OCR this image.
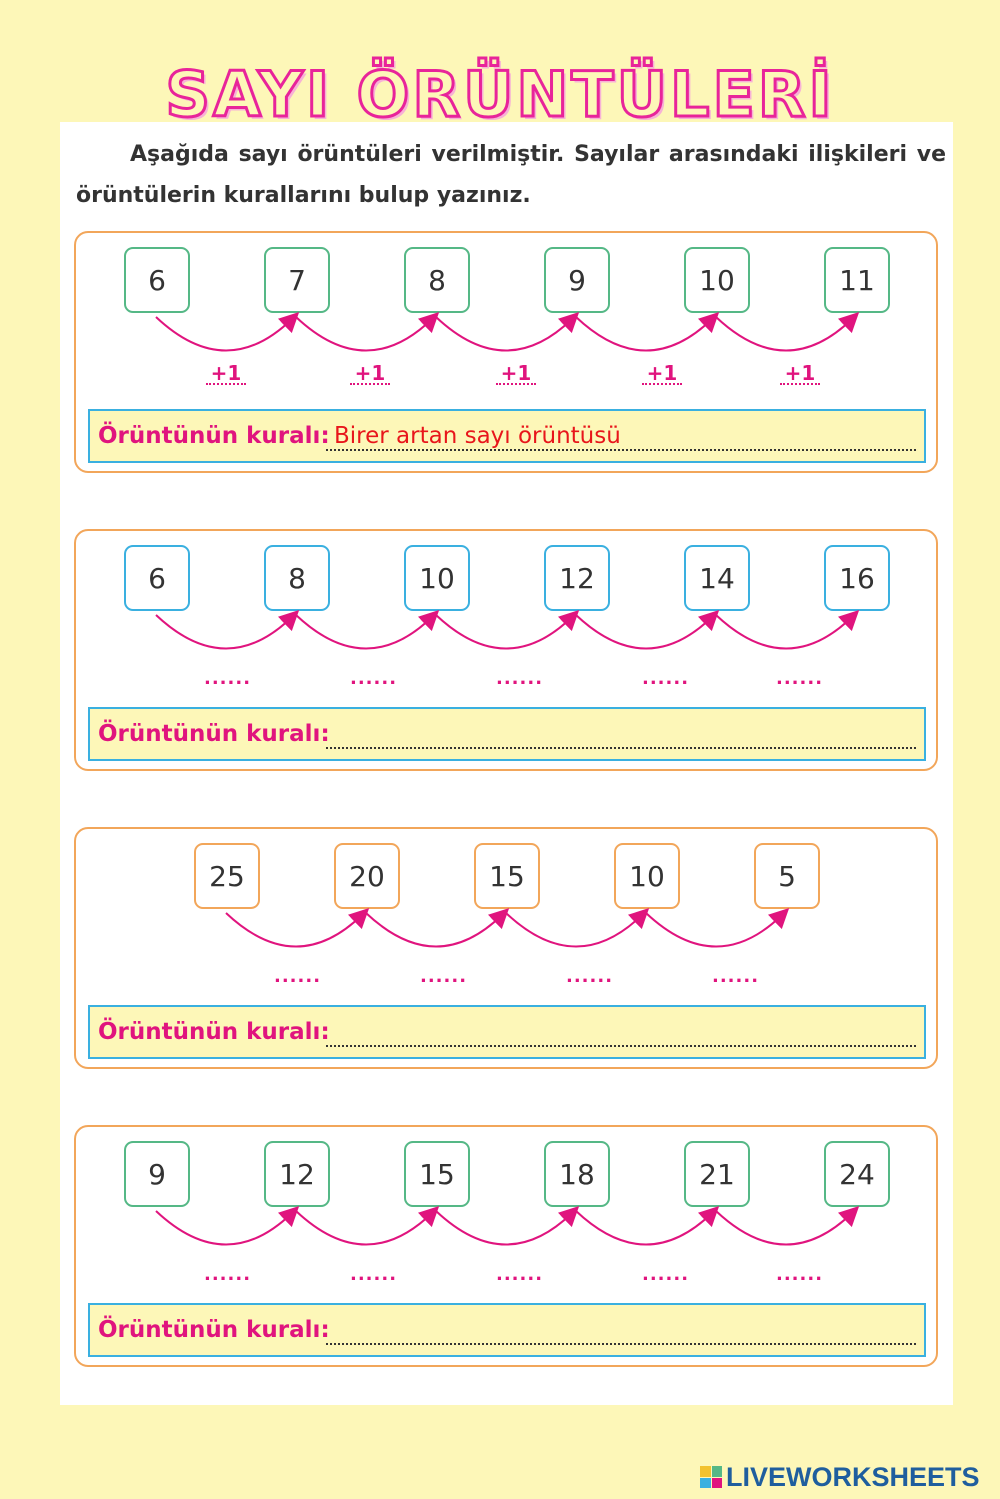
SAYI ÖRÜNTÜLERİ
Aşağıda sayı örüntüleri verilmiştir. Sayılar arasındaki ilişkileri ve örüntülerin kurallarını bulup yazınız.
6	7	8	9	10	11
+1	+1	+1	+1	+1
Örüntünün kuralı: Birer artan sayı örüntüsü
6	8	10	12	14	16
......	......	......	......	......
Örüntünün kuralı:
25	20	15	10	5
......	......	......	......
Örüntünün kuralı:
9	12	15	18	21	24
......	......	......	......	......
Örüntünün kuralı:
LIVEWORKSHEETS
